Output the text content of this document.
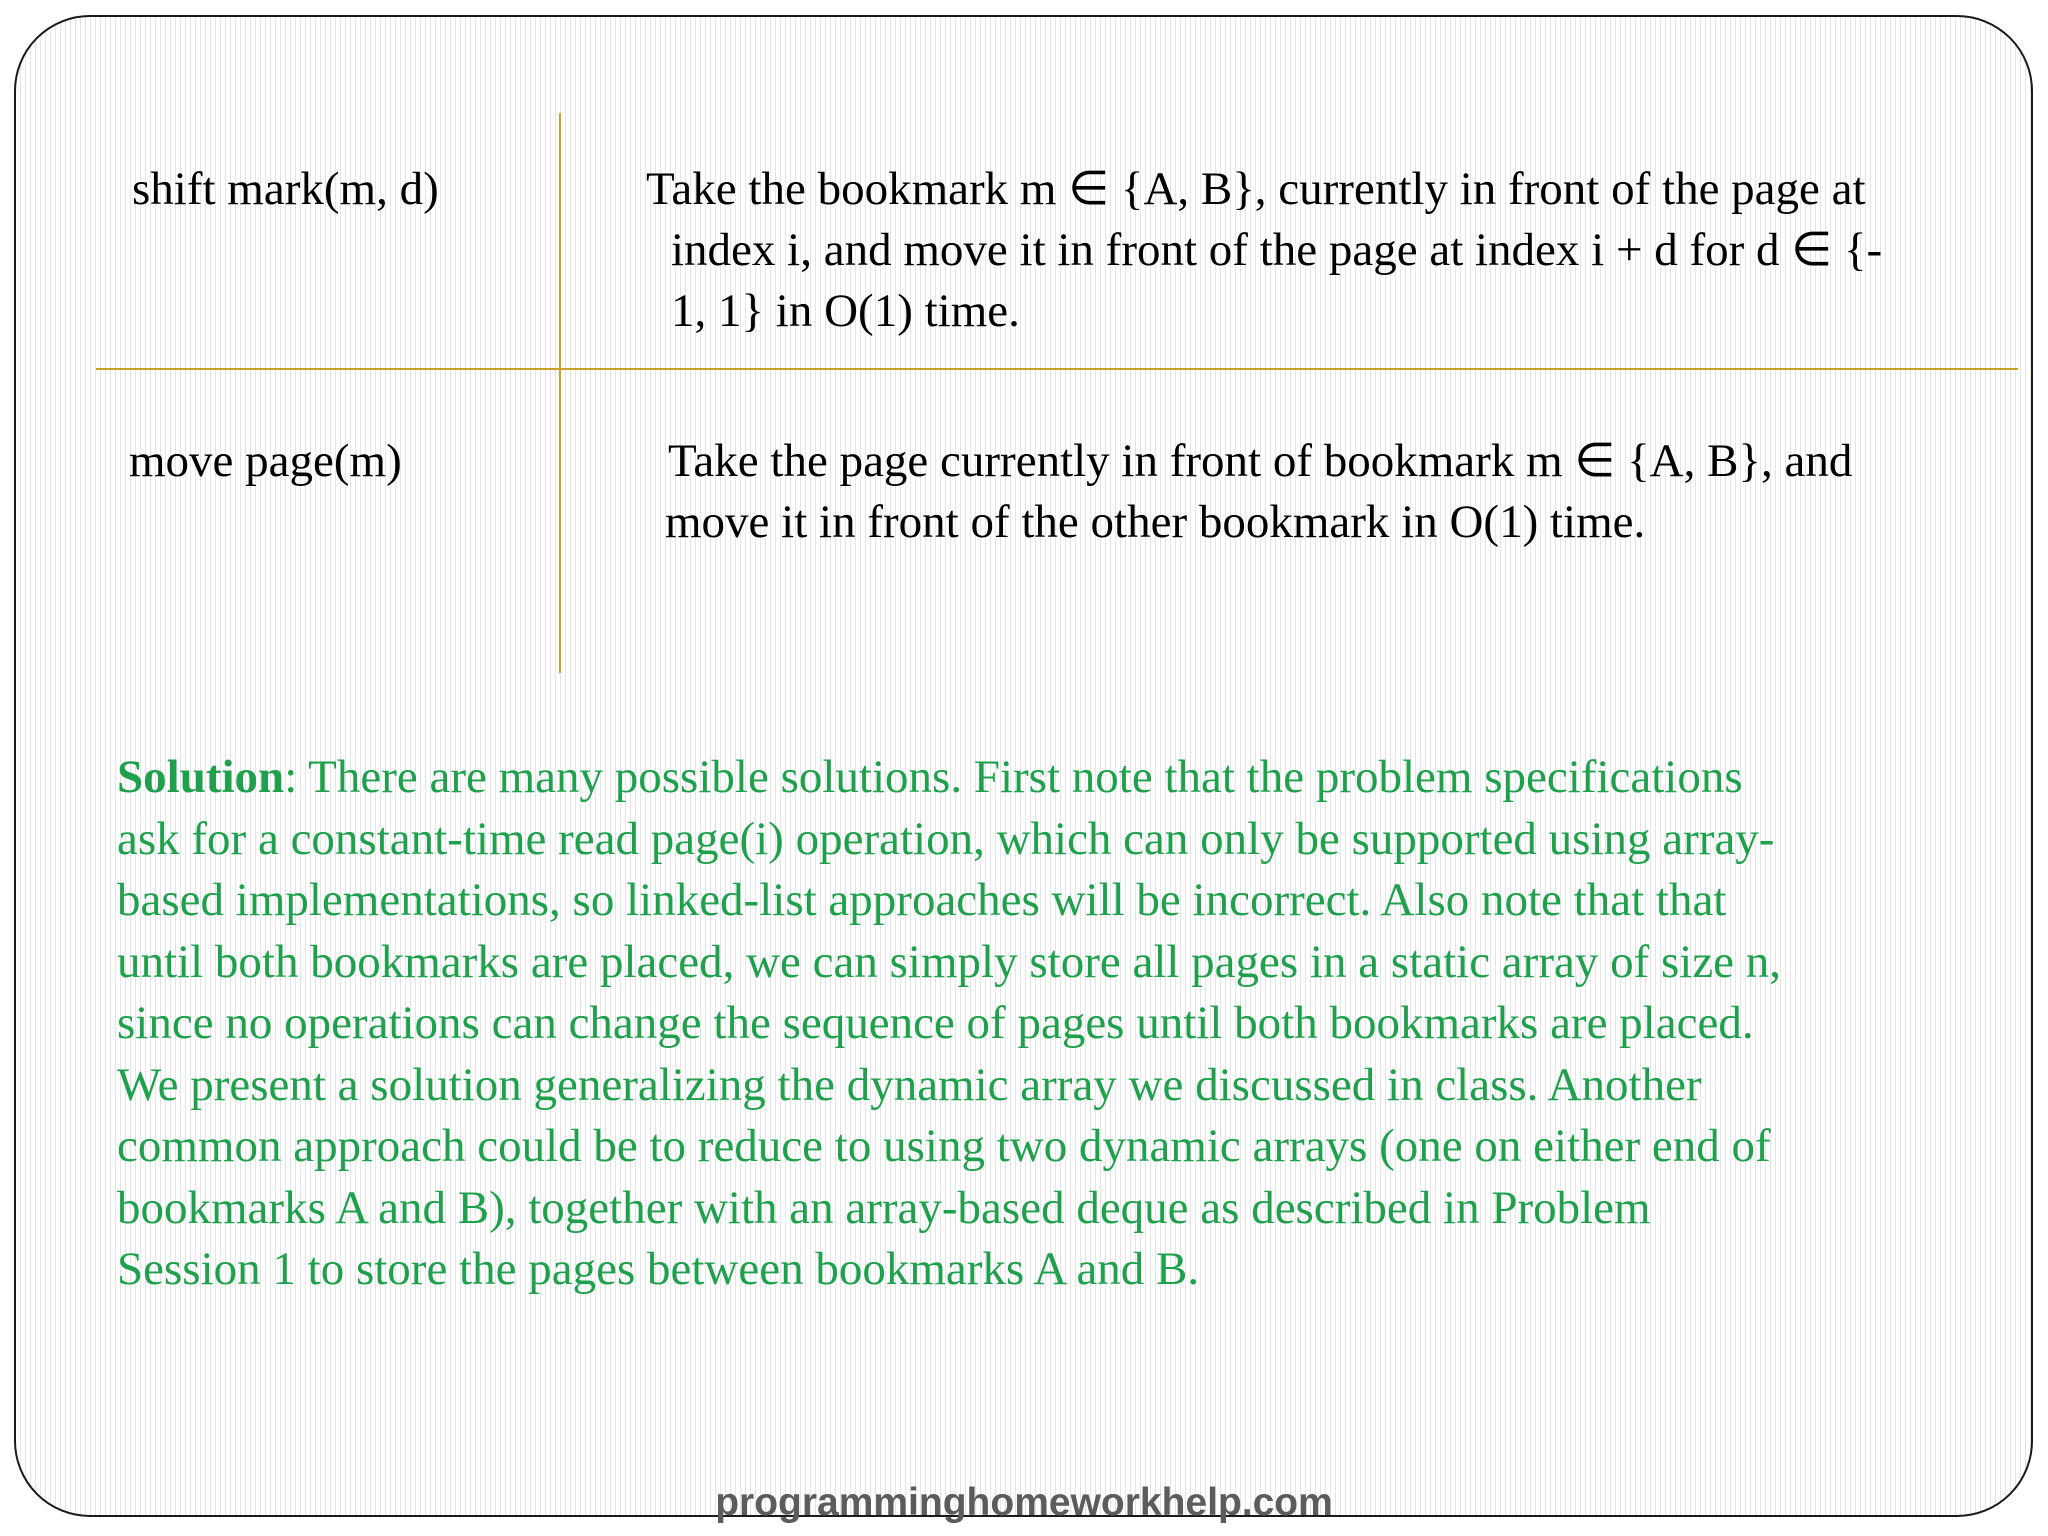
shift mark(m, d)	Take the bookmark m ∈ {A, B}, currently in front of the page at
index i, and move it in front of the page at index i + d for d ∈ {-
1, 1} in O(1) time.
move page(m)	Take the page currently in front of bookmark m ∈ {A, B}, and
move it in front of the other bookmark in O(1) time.
Solution: There are many possible solutions. First note that the problem specifications
ask for a constant-time read page(i) operation, which can only be supported using array-
based implementations, so linked-list approaches will be incorrect. Also note that that
until both bookmarks are placed, we can simply store all pages in a static array of size n,
since no operations can change the sequence of pages until both bookmarks are placed.
We present a solution generalizing the dynamic array we discussed in class. Another
common approach could be to reduce to using two dynamic arrays (one on either end of
bookmarks A and B), together with an array-based deque as described in Problem
Session 1 to store the pages between bookmarks A and B.
programminghomeworkhelp.com
